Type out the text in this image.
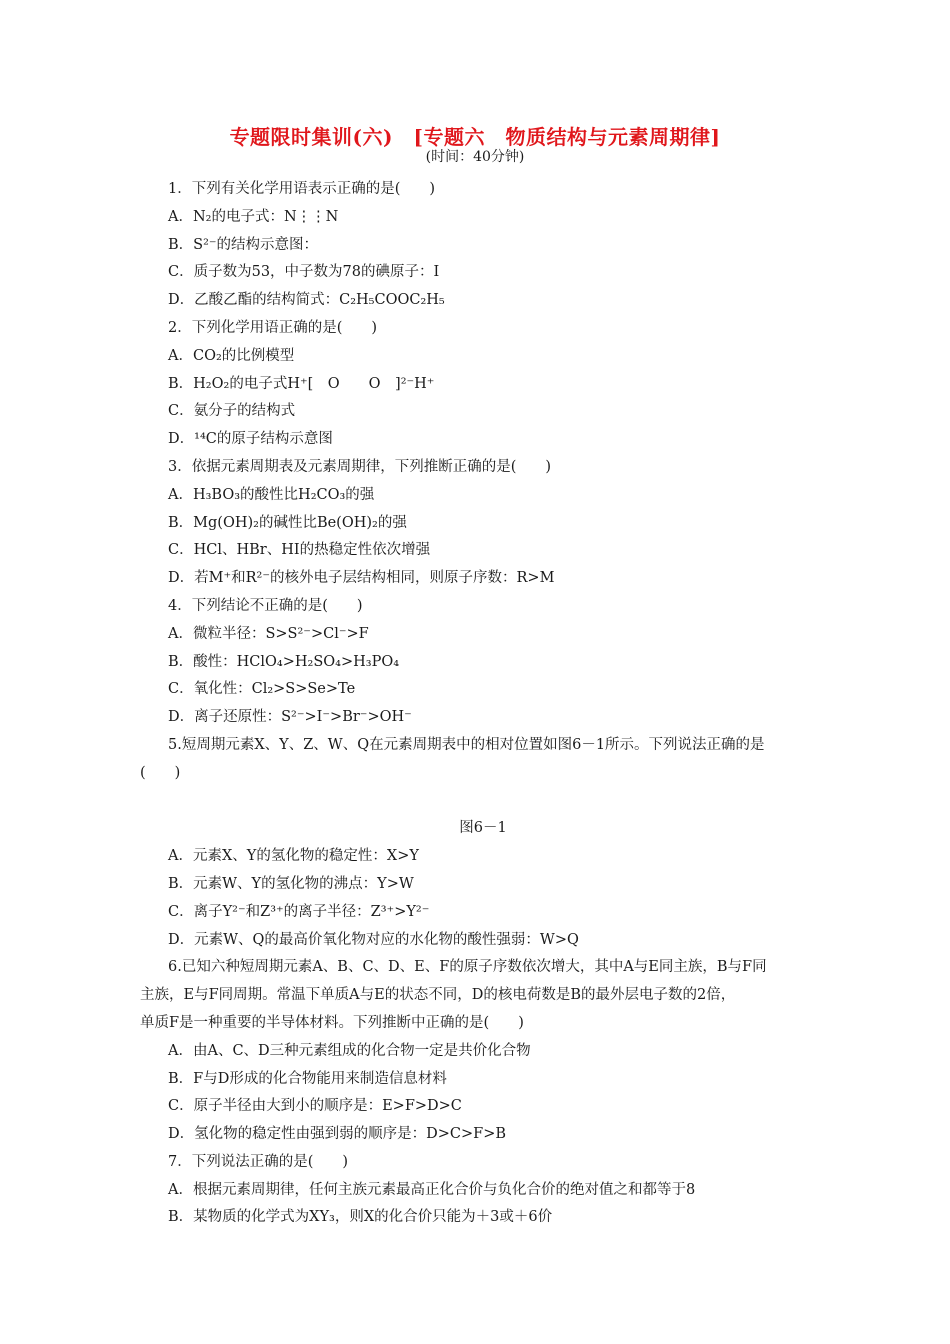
专题限时集训(六)　[专题六　物质结构与元素周期律]
(时间：40分钟)
1．下列有关化学用语表示正确的是(　　)
A．N₂的电子式：N⋮⋮N
B．S²⁻的结构示意图：
C．质子数为53，中子数为78的碘原子：I
D．乙酸乙酯的结构简式：C₂H₅COOC₂H₅
2．下列化学用语正确的是(　　)
A．CO₂的比例模型
B．H₂O₂的电子式H⁺[　O　　O　]²⁻H⁺
C．氨分子的结构式
D．¹⁴C的原子结构示意图
3．依据元素周期表及元素周期律，下列推断正确的是(　　)
A．H₃BO₃的酸性比H₂CO₃的强
B．Mg(OH)₂的碱性比Be(OH)₂的强
C．HCl、HBr、HI的热稳定性依次增强
D．若M⁺和R²⁻的核外电子层结构相同，则原子序数：R>M
4．下列结论不正确的是(　　)
A．微粒半径：S>S²⁻>Cl⁻>F
B．酸性：HClO₄>H₂SO₄>H₃PO₄
C．氧化性：Cl₂>S>Se>Te
D．离子还原性：S²⁻>I⁻>Br⁻>OH⁻
5.短周期元素X、Y、Z、W、Q在元素周期表中的相对位置如图6－1所示。下列说法正确的是
(　　)
图6－1
A．元素X、Y的氢化物的稳定性：X>Y
B．元素W、Y的氢化物的沸点：Y>W
C．离子Y²⁻和Z³⁺的离子半径：Z³⁺>Y²⁻
D．元素W、Q的最高价氧化物对应的水化物的酸性强弱：W>Q
6.已知六种短周期元素A、B、C、D、E、F的原子序数依次增大，其中A与E同主族，B与F同
主族，E与F同周期。常温下单质A与E的状态不同，D的核电荷数是B的最外层电子数的2倍，
单质F是一种重要的半导体材料。下列推断中正确的是(　　)
A．由A、C、D三种元素组成的化合物一定是共价化合物
B．F与D形成的化合物能用来制造信息材料
C．原子半径由大到小的顺序是：E>F>D>C
D．氢化物的稳定性由强到弱的顺序是：D>C>F>B
7．下列说法正确的是(　　)
A．根据元素周期律，任何主族元素最高正化合价与负化合价的绝对值之和都等于8
B．某物质的化学式为XY₃，则X的化合价只能为＋3或＋6价
